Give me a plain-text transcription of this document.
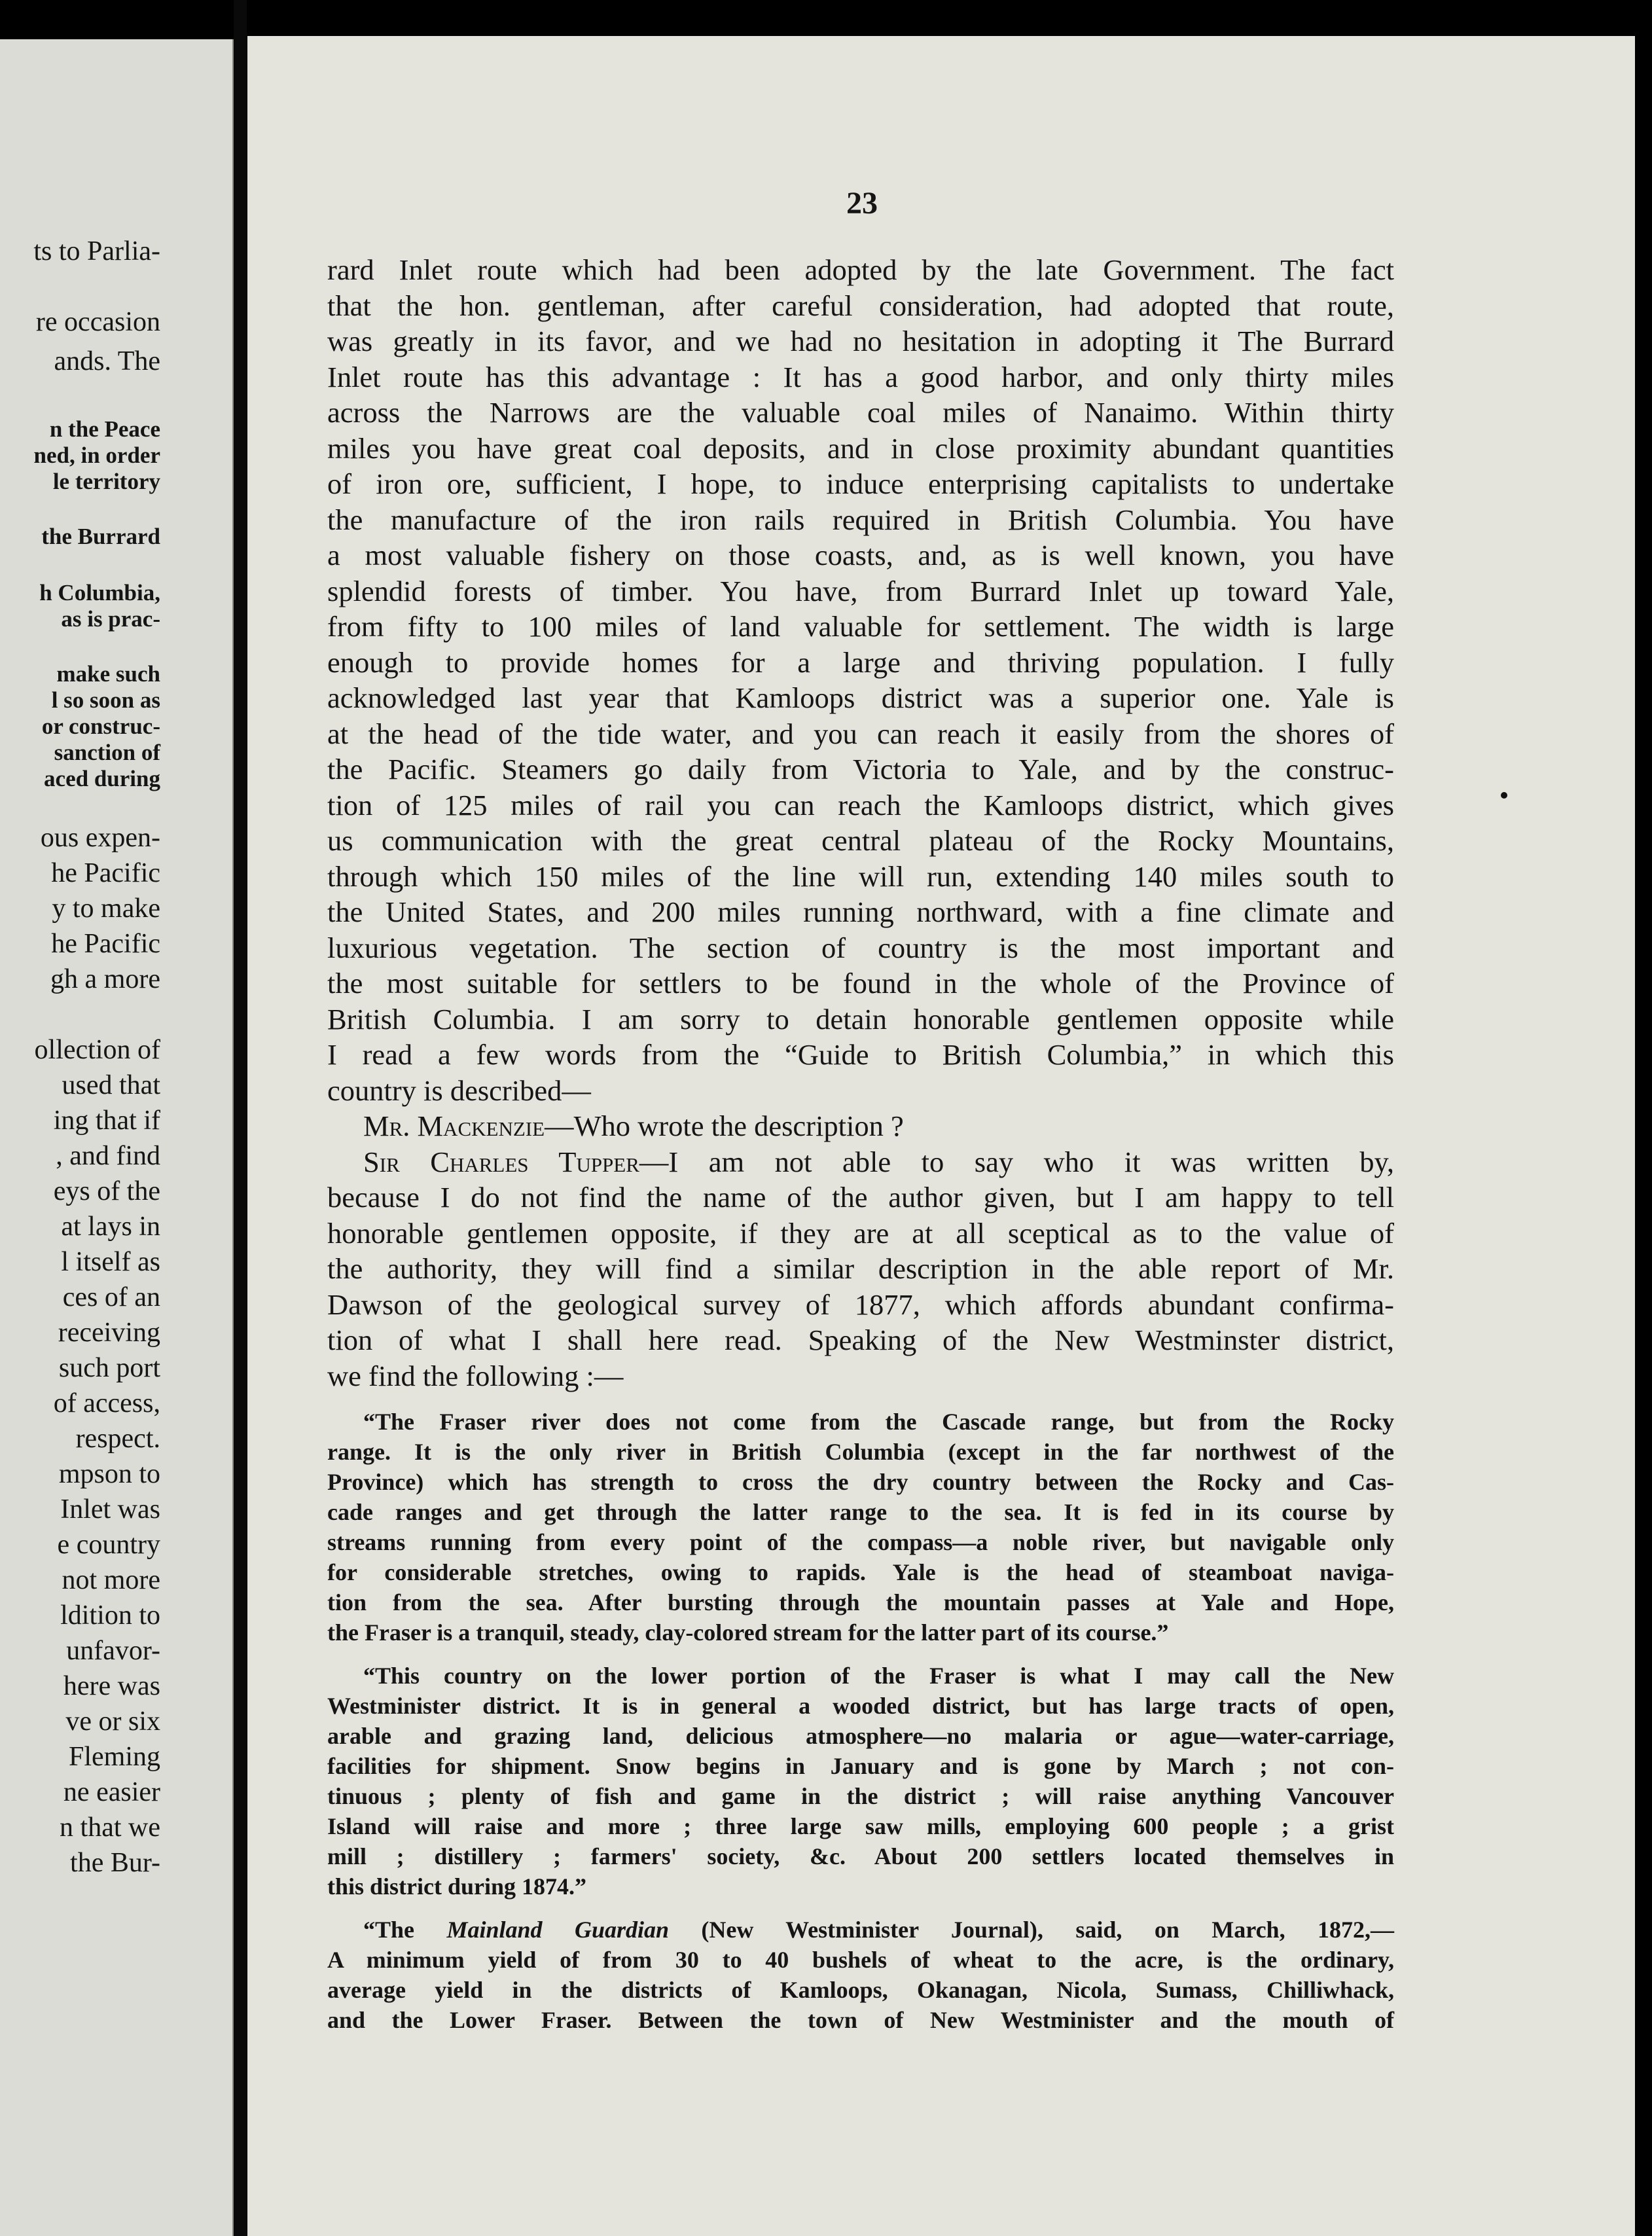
ts to Parlia-
re occasion
ands. The
n the Peace
ned, in order
le territory
the Burrard
h Columbia,
as is prac-
make such
l so soon as
or construc-
sanction of
aced during
ous expen-
he Pacific
y to make
he Pacific
gh a more
ollection of
used that
ing that if
, and find
eys of the
at lays in
l itself as
ces of an
receiving
such port
of access,
respect.
mpson to
Inlet was
e country
not more
ldition to
unfavor-
here was
ve or six
Fleming
ne easier
n that we
the Bur-
23
rard Inlet route which had been adopted by the late Government. The fact
that the hon. gentleman, after careful consideration, had adopted that route,
was greatly in its favor, and we had no hesitation in adopting it The Burrard
Inlet route has this advantage : It has a good harbor, and only thirty miles
across the Narrows are the valuable coal miles of Nanaimo. Within thirty
miles you have great coal deposits, and in close proximity abundant quantities
of iron ore, sufficient, I hope, to induce enterprising capitalists to undertake
the manufacture of the iron rails required in British Columbia. You have
a most valuable fishery on those coasts, and, as is well known, you have
splendid forests of timber. You have, from Burrard Inlet up toward Yale,
from fifty to 100 miles of land valuable for settlement. The width is large
enough to provide homes for a large and thriving population. I fully
acknowledged last year that Kamloops district was a superior one. Yale is
at the head of the tide water, and you can reach it easily from the shores of
the Pacific. Steamers go daily from Victoria to Yale, and by the construc-
tion of 125 miles of rail you can reach the Kamloops district, which gives
us communication with the great central plateau of the Rocky Mountains,
through which 150 miles of the line will run, extending 140 miles south to
the United States, and 200 miles running northward, with a fine climate and
luxurious vegetation. The section of country is the most important and
the most suitable for settlers to be found in the whole of the Province of
British Columbia. I am sorry to detain honorable gentlemen opposite while
I read a few words from the “Guide to British Columbia,” in which this
country is described—
Mr. Mackenzie—Who wrote the description ?
Sir Charles Tupper—I am not able to say who it was written by,
because I do not find the name of the author given, but I am happy to tell
honorable gentlemen opposite, if they are at all sceptical as to the value of
the authority, they will find a similar description in the able report of Mr.
Dawson of the geological survey of 1877, which affords abundant confirma-
tion of what I shall here read. Speaking of the New Westminster district,
we find the following :—
“The Fraser river does not come from the Cascade range, but from the Rocky
range. It is the only river in British Columbia (except in the far northwest of the
Province) which has strength to cross the dry country between the Rocky and Cas-
cade ranges and get through the latter range to the sea. It is fed in its course by
streams running from every point of the compass—a noble river, but navigable only
for considerable stretches, owing to rapids. Yale is the head of steamboat naviga-
tion from the sea. After bursting through the mountain passes at Yale and Hope,
the Fraser is a tranquil, steady, clay-colored stream for the latter part of its course.”
“This country on the lower portion of the Fraser is what I may call the New
Westminister district. It is in general a wooded district, but has large tracts of open,
arable and grazing land, delicious atmosphere—no malaria or ague—water-carriage,
facilities for shipment. Snow begins in January and is gone by March ; not con-
tinuous ; plenty of fish and game in the district ; will raise anything Vancouver
Island will raise and more ; three large saw mills, employing 600 people ; a grist
mill ; distillery ; farmers' society, &c. About 200 settlers located themselves in
this district during 1874.”
“The Mainland Guardian (New Westminister Journal), said, on March, 1872,—
A minimum yield of from 30 to 40 bushels of wheat to the acre, is the ordinary,
average yield in the districts of Kamloops, Okanagan, Nicola, Sumass, Chilliwhack,
and the Lower Fraser. Between the town of New Westminister and the mouth of
